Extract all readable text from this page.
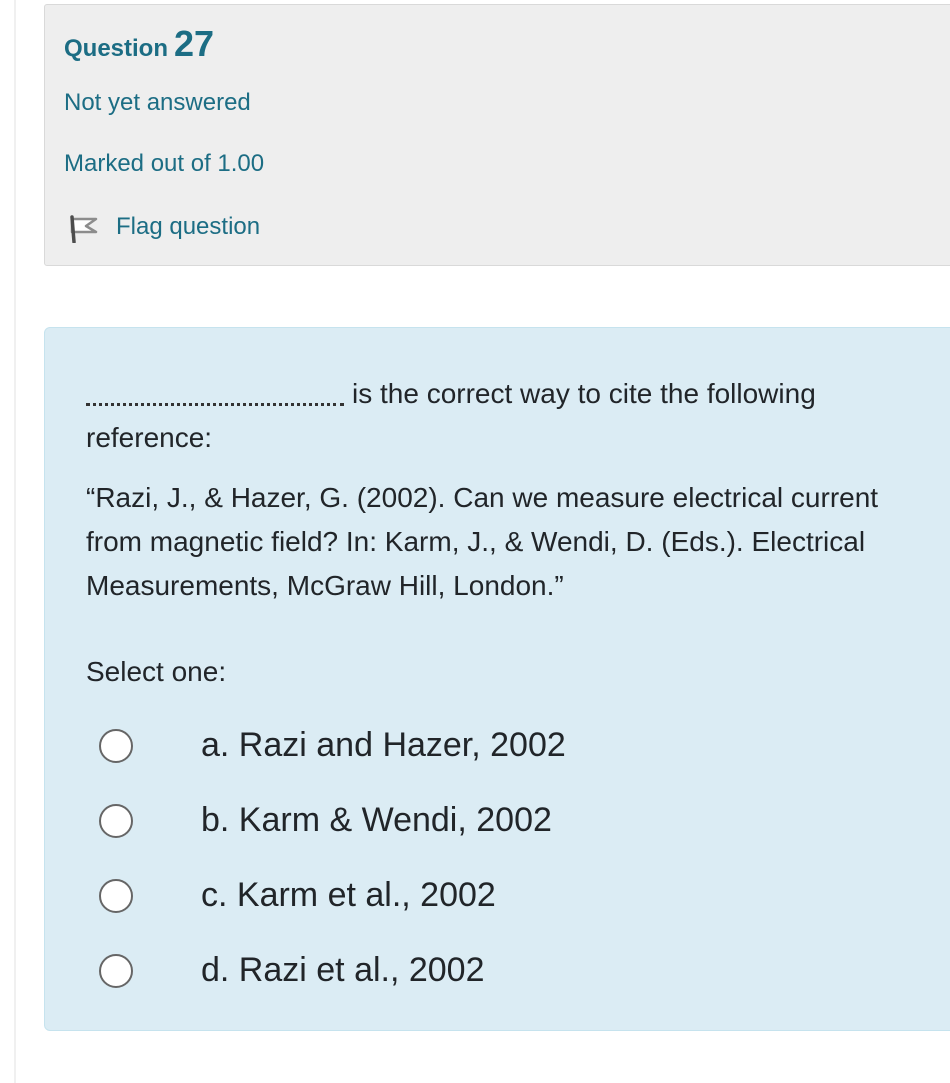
Question 27
Not yet answered
Marked out of 1.00
Flag question

is the correct way to cite the following reference:

“Razi, J., & Hazer, G. (2002). Can we measure electrical current from magnetic field? In: Karm, J., & Wendi, D. (Eds.). Electrical Measurements, McGraw Hill, London.”

Select one:
a. Razi and Hazer, 2002
b. Karm & Wendi, 2002
c. Karm et al., 2002
d. Razi et al., 2002
